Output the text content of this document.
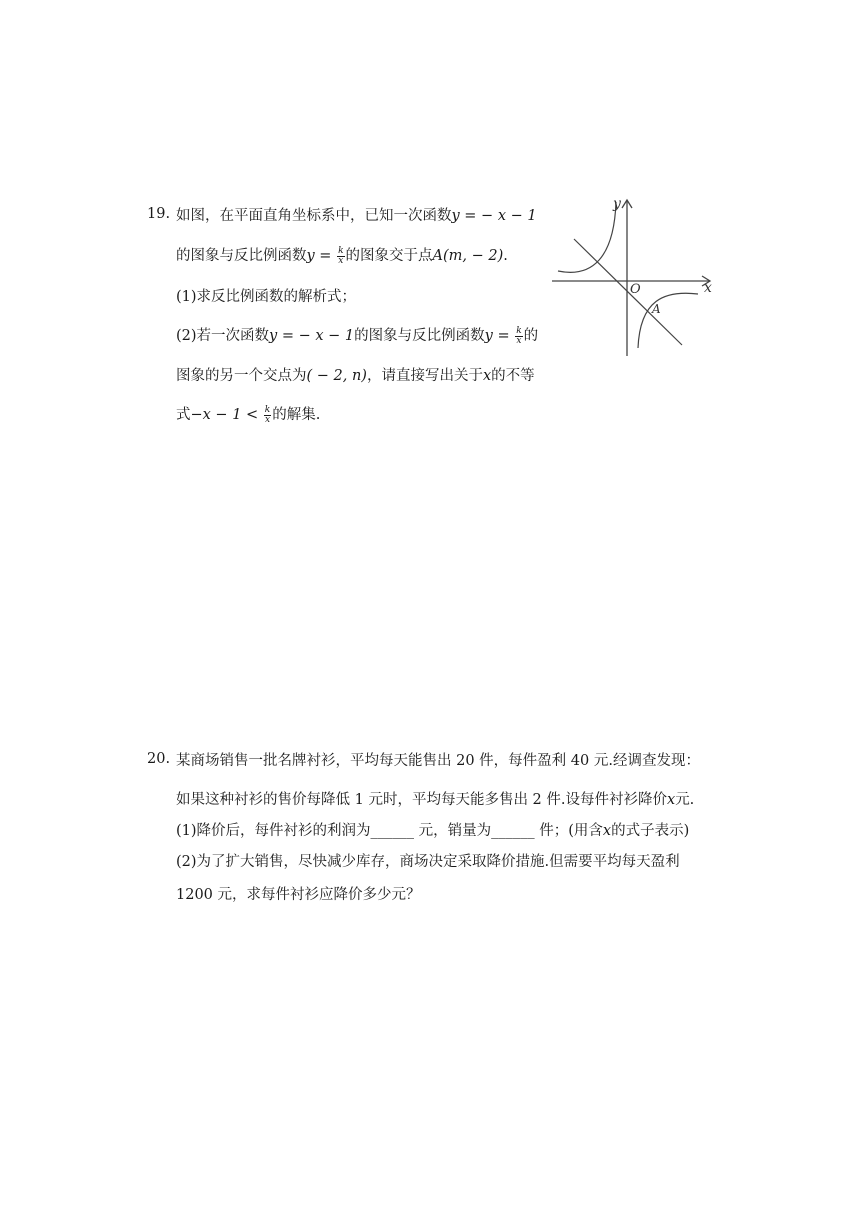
19. 如图，在平面直角坐标系中，已知一次函数y = − x − 1
的图象与反比例函数$y = \frac{k}{x}$ 的图象交于点A(m, − 2).
(1)求反比例函数的解析式；
(2)若一次函数y = − x − 1的图象与反比例函数$y = \frac{k}{x}$ 的
图象的另一个交点为( − 2, n)，请直接写出关于x的不等
式$-x - 1 < \frac{k}{x}$ 的解集.
y
x
O
A
20. 某商场销售一批名牌衬衫，平均每天能售出 20 件，每件盈利 40 元.经调查发现：
如果这种衬衫的售价每降低 1 元时，平均每天能多售出 2 件.设每件衬衫降价x元.
(1)降价后，每件衬衫的利润为______ 元，销量为______ 件；(用含x的式子表示)
(2)为了扩大销售，尽快减少库存，商场决定采取降价措施.但需要平均每天盈利
1200 元，求每件衬衫应降价多少元？
